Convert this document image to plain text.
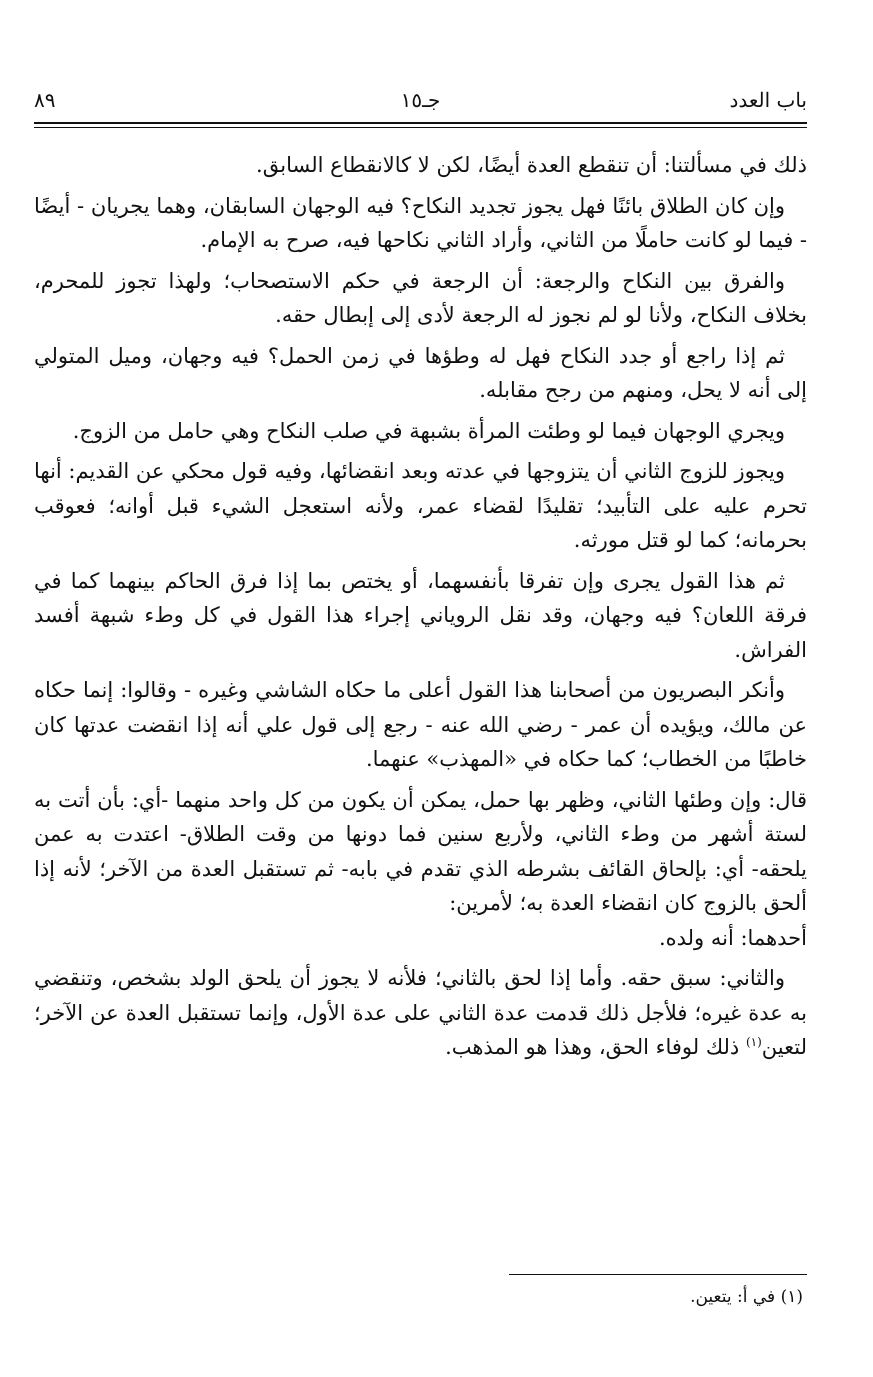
باب العدد
جـ١٥
٨٩

ذلك في مسألتنا: أن تنقطع العدة أيضًا، لكن لا كالانقطاع السابق.

وإن كان الطلاق بائنًا فهل يجوز تجديد النكاح؟ فيه الوجهان السابقان، وهما يجريان - أيضًا - فيما لو كانت حاملًا من الثاني، وأراد الثاني نكاحها فيه، صرح به الإمام.

والفرق بين النكاح والرجعة: أن الرجعة في حكم الاستصحاب؛ ولهذا تجوز للمحرم، بخلاف النكاح، ولأنا لو لم نجوز له الرجعة لأدى إلى إبطال حقه.

ثم إذا راجع أو جدد النكاح فهل له وطؤها في زمن الحمل؟ فيه وجهان، وميل المتولي إلى أنه لا يحل، ومنهم من رجح مقابله.

ويجري الوجهان فيما لو وطئت المرأة بشبهة في صلب النكاح وهي حامل من الزوج.

ويجوز للزوج الثاني أن يتزوجها في عدته وبعد انقضائها، وفيه قول محكي عن القديم: أنها تحرم عليه على التأبيد؛ تقليدًا لقضاء عمر، ولأنه استعجل الشيء قبل أوانه؛ فعوقب بحرمانه؛ كما لو قتل مورثه.

ثم هذا القول يجرى وإن تفرقا بأنفسهما، أو يختص بما إذا فرق الحاكم بينهما كما في فرقة اللعان؟ فيه وجهان، وقد نقل الروياني إجراء هذا القول في كل وطء شبهة أفسد الفراش.

وأنكر البصريون من أصحابنا هذا القول أعلى ما حكاه الشاشي وغيره - وقالوا: إنما حكاه عن مالك، ويؤيده أن عمر - رضي الله عنه - رجع إلى قول علي أنه إذا انقضت عدتها كان خاطبًا من الخطاب؛ كما حكاه في «المهذب» عنهما.

قال: وإن وطئها الثاني، وظهر بها حمل، يمكن أن يكون من كل واحد منهما -أي: بأن أتت به لستة أشهر من وطء الثاني، ولأربع سنين فما دونها من وقت الطلاق- اعتدت به عمن يلحقه- أي: بإلحاق القائف بشرطه الذي تقدم في بابه- ثم تستقبل العدة من الآخر؛ لأنه إذا ألحق بالزوج كان انقضاء العدة به؛ لأمرين:

أحدهما: أنه ولده.

والثاني: سبق حقه. وأما إذا لحق بالثاني؛ فلأنه لا يجوز أن يلحق الولد بشخص، وتنقضي به عدة غيره؛ فلأجل ذلك قدمت عدة الثاني على عدة الأول، وإنما تستقبل العدة عن الآخر؛ لتعين$^{(١)}$ ذلك لوفاء الحق، وهذا هو المذهب.

(١) في أ: يتعين.
